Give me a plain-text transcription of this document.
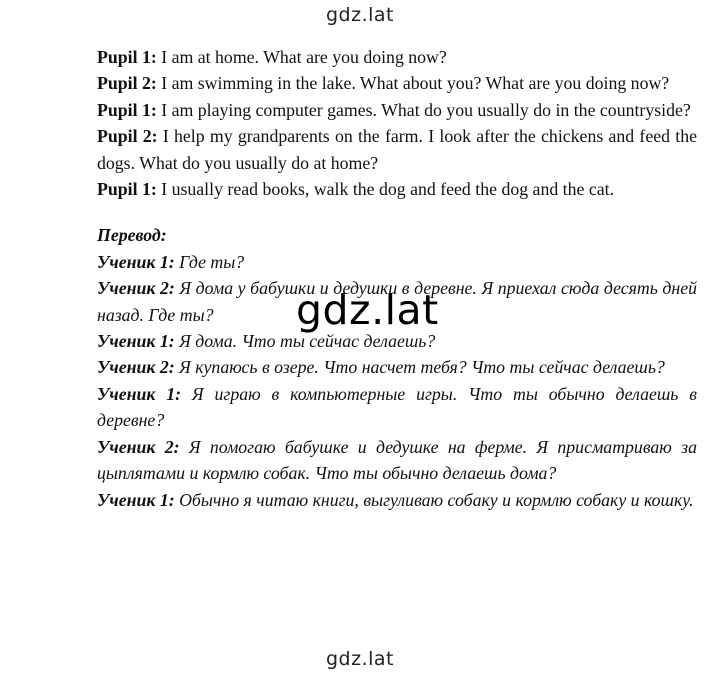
gdz.lat

Pupil 1: I am at home. What are you doing now?

Pupil 2: I am swimming in the lake. What about you? What are you doing now?

Pupil 1: I am playing computer games. What do you usually do in the countryside?

Pupil 2: I help my grandparents on the farm. I look after the chickens and feed the dogs. What do you usually do at home?

Pupil 1: I usually read books, walk the dog and feed the dog and the cat.

Перевод:

Ученик 1: Где ты?

Ученик 2: Я дома у бабушки и дедушки в деревне. Я приехал сюда десять дней назад. Где ты?

Ученик 1: Я дома. Что ты сейчас делаешь?

Ученик 2: Я купаюсь в озере. Что насчет тебя? Что ты сейчас делаешь?

Ученик 1: Я играю в компьютерные игры. Что ты обычно делаешь в деревне?

Ученик 2: Я помогаю бабушке и дедушке на ферме. Я присматриваю за цыплятами и кормлю собак. Что ты обычно делаешь дома?

Ученик 1: Обычно я читаю книги, выгуливаю собаку и кормлю собаку и кошку.

gdz.lat
gdz.lat
